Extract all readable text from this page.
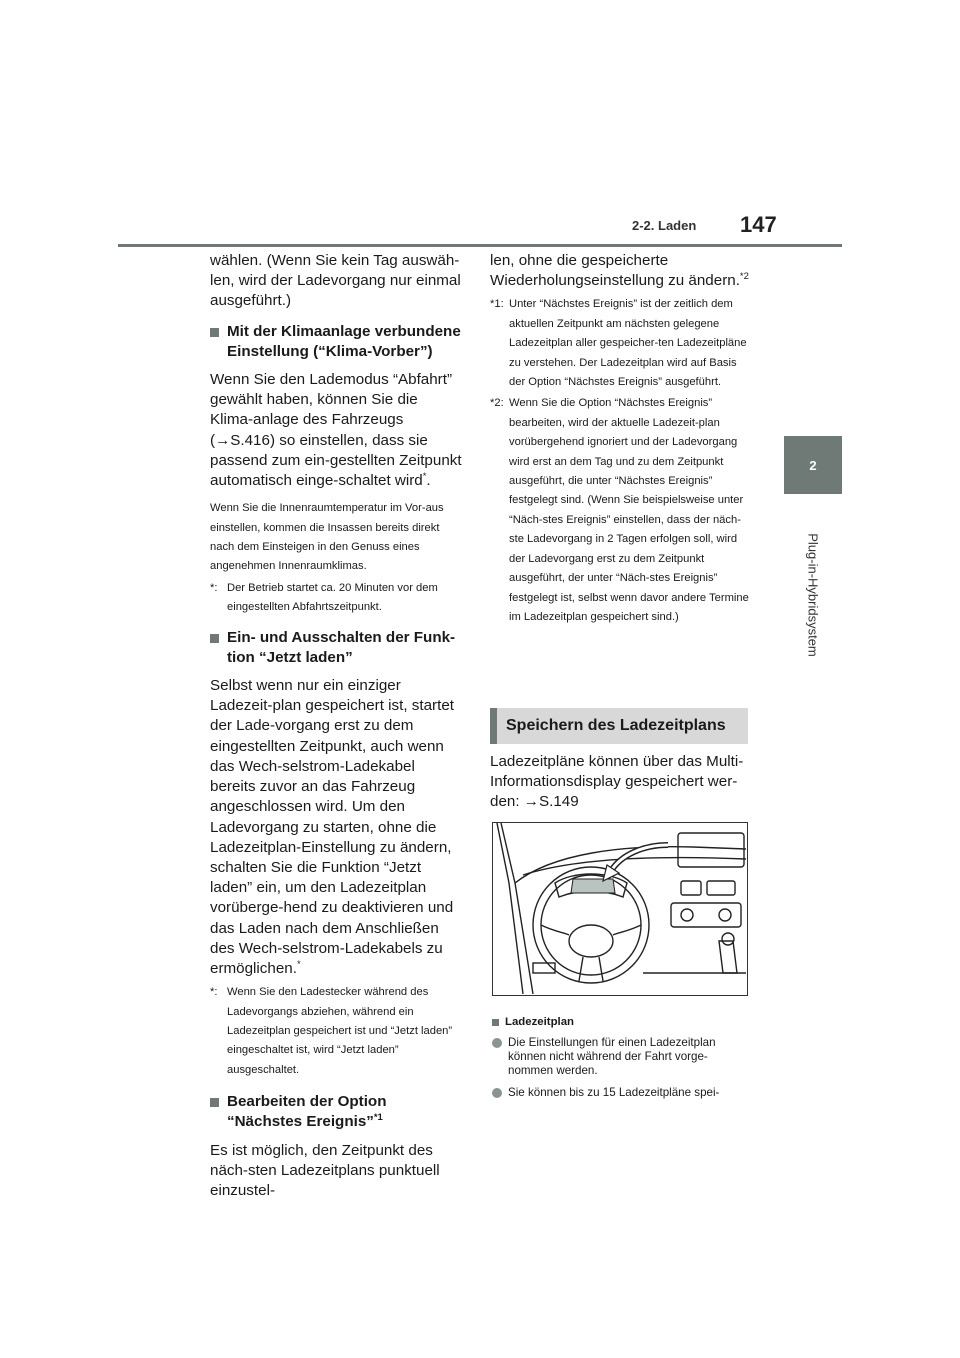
2-2. Laden 147
2
Plug-in-Hybridsystem

wählen. (Wenn Sie kein Tag auswäh-len, wird der Ladevorgang nur einmal ausgeführt.)

Mit der Klimaanlage verbundene Einstellung (“Klima-Vorber”)

Wenn Sie den Lademodus “Abfahrt” gewählt haben, können Sie die Klima-anlage des Fahrzeugs (→S.416) so einstellen, dass sie passend zum ein-gestellten Zeitpunkt automatisch einge-schaltet wird*.

Wenn Sie die Innenraumtemperatur im Vor-aus einstellen, kommen die Insassen bereits direkt nach dem Einsteigen in den Genuss eines angenehmen Innenraumklimas.

*: Der Betrieb startet ca. 20 Minuten vor dem eingestellten Abfahrtszeitpunkt.
Ein- und Ausschalten der Funk-tion “Jetzt laden”

Selbst wenn nur ein einziger Ladezeit-plan gespeichert ist, startet der Lade-vorgang erst zu dem eingestellten Zeitpunkt, auch wenn das Wech-selstrom-Ladekabel bereits zuvor an das Fahrzeug angeschlossen wird. Um den Ladevorgang zu starten, ohne die Ladezeitplan-Einstellung zu ändern, schalten Sie die Funktion “Jetzt laden” ein, um den Ladezeitplan vorüberge-hend zu deaktivieren und das Laden nach dem Anschließen des Wech-selstrom-Ladekabels zu ermöglichen.*

*: Wenn Sie den Ladestecker während des Ladevorgangs abziehen, während ein Ladezeitplan gespeichert ist und “Jetzt laden” eingeschaltet ist, wird “Jetzt laden” ausgeschaltet.
Bearbeiten der Option “Nächstes Ereignis”$^{*1}$

Es ist möglich, den Zeitpunkt des näch-sten Ladezeitplans punktuell einzustel-

len, ohne die gespeicherte Wiederholungseinstellung zu ändern.$^{*2}$

*1: Unter “Nächstes Ereignis” ist der zeitlich dem aktuellen Zeitpunkt am nächsten gelegene Ladezeitplan aller gespeicher-ten Ladezeitpläne zu verstehen. Der Ladezeitplan wird auf Basis der Option “Nächstes Ereignis” ausgeführt.
*2: Wenn Sie die Option “Nächstes Ereignis” bearbeiten, wird der aktuelle Ladezeit-plan vorübergehend ignoriert und der Ladevorgang wird erst an dem Tag und zu dem Zeitpunkt ausgeführt, die unter “Nächstes Ereignis” festgelegt sind. (Wenn Sie beispielsweise unter “Näch-stes Ereignis” einstellen, dass der näch-ste Ladevorgang in 2 Tagen erfolgen soll, wird der Ladevorgang erst zu dem Zeitpunkt ausgeführt, der unter “Näch-stes Ereignis” festgelegt ist, selbst wenn davor andere Termine im Ladezeitplan gespeichert sind.)
Speichern des Ladezeitplans

Ladezeitpläne können über das Multi-Informationsdisplay gespeichert wer-den: →S.149

Ladezeitplan
Die Einstellungen für einen Ladezeitplan können nicht während der Fahrt vorge-nommen werden.
Sie können bis zu 15 Ladezeitpläne spei-
